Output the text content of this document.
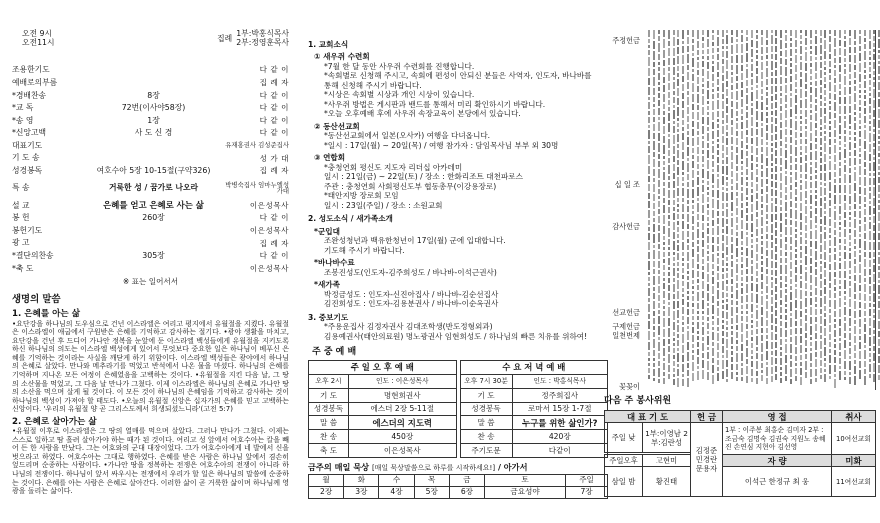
오전 9시
오전11시	집례
1부:박홍식목사
2부:정영훈목사
조용한기도	다 같 이
예배로의부름	집 례 자
*경배찬송	8장	다 같 이
*교 독	72번(이사야58장)	다 같 이
*송 영	1장	다 같 이
*신앙고백	사 도 신 경	다 같 이
대표기도	유재홍권사 김성준집사
기 도 송	성 가 대
성경봉독	여호수아 5장 10-15절(구약326)	집 례 자
특 송	거룩한 성 / 꿈가로 나오라	박병숙집사 임마누엘성가대
설 교	은혜를 얻고 은혜로 사는 삶	이은성목사
봉 헌	260장	다 같 이
봉헌기도	이은성목사
광 고	집 례 자
*결단의찬송	305장	다 같 이
*축 도	이은성목사
※ 표는 일어서서
생명의 말씀
1. 은혜를 아는 삶

•요단강을 하나님의 도우심으로 건넌 이스라엘은 여리고 평지에서 유월절을 지켰다. 유월절은 이스라엘이 애굽에서 구원받은 은혜를 기억하고 감사하는 절기다. •광야 생활을 마치고, 요단강을 건넌 후 드디어 가나안 정복을 눈앞에 둔 이스라엘 백성들에게 유월절을 지키도록 하신 하나님의 의도는 이스라엘 백성에게 있어서 무엇보다 중요한 일은 하나님이 베푸신 은혜를 기억하는 것이라는 사실을 깨닫게 하기 위함이다. 이스라엘 백성들은 광야에서 하나님의 은혜로 살았다. 만나와 메추라기를 먹었고 반석에서 나온 물을 마셨다. 하나님의 은혜를 기억하며 지나온 모든 여정이 은혜였음을 고백하는 것이다. •유월절을 지킨 다음 날, 그 땅의 소산물을 먹었고, 그 다음 날 만나가 그쳤다. 이제 이스라엘은 하나님의 은혜로 가나안 땅의 소산을 먹으며 살게 될 것이다. 이 모든 것이 하나님의 은혜임을 기억하고 감사하는 것이 하나님의 백성이 가져야 할 태도다. •오늘의 유월절 신앙은 십자가의 은혜를 믿고 고백하는 신앙이다. '우리의 유월절 양 곧 그리스도께서 희생되셨느니라'(고전 5:7)

2. 은혜로 살아가는 삶

•유월절 이후로 이스라엘은 그 땅의 열매를 먹으며 살았다. 그러나 만나가 그쳤다. 이제는 스스로 일하고 땀 흘려 살아가야 하는 때가 된 것이다. 여리고 성 앞에서 여호수아는 칼을 빼어 든 한 사람을 만났다. 그는 여호와의 군대 대장이었다. 그가 여호수아에게 네 발에서 신을 벗으라고 하였다. 여호수아는 그대로 행하였다. 은혜를 받은 사람은 하나님 앞에서 겸손히 엎드리며 순종하는 사람이다. •가나안 땅을 정복하는 전쟁은 여호수아의 전쟁이 아니라 하나님의 전쟁이다. 하나님이 앞서 싸우시는 전쟁에서 우리가 할 일은 하나님의 말씀에 순종하는 것이다. 은혜를 아는 사람은 은혜로 살아간다. 이러한 삶이 곧 거룩한 삶이며 하나님께 영광을 돌리는 삶이다.

1. 교회소식
① 새우쥐 수련회
*7월 한 달 동안 사우쥐 수련회를 진행합니다.
*속회별로 신청해 주시고, 속회에 편성이 안되신 분들은 사역자, 인도자, 바나바를
통해 신청해 주시기 바랍니다.
*시상은 속회별 시상과 개인 시상이 있습니다.
*사우쥐 방법은 게시판과 밴드를 통해서 미리 확인하시기 바랍니다.
*오늘 오후예배 후에 사우쥐 속장교육이 본당에서 있습니다.
② 동산선교회
*동산선교회에서 일본(오사카) 여행을 다녀옵니다.
*일시 : 17일(월) ~ 20일(목) / 여행 참가자 : 담임목사님 부부 외 30명
③ 연합회
*충청연회 평신도 지도자 리더십 아카데미
일시 : 21일(금) ~ 22일(토) / 장소 : 한화리조트 대천파로스
주관 : 충청연회 사회평신도부 협동총무(이강용장로)
*태안지방 장로회 모임
일시 : 23일(주일) / 장소 : 소원교회
2. 성도소식 / 새가족소개
*군입대
조완성청년과 백유한청년이 17일(월) 군에 입대합니다.
기도해 주시기 바랍니다.
*바나바수료
조봉진성도(인도자-김주희성도 / 바나바-이석근권사)
*새가족
박정금성도 : 인도자-신진아집사 / 바나바-김순선집사
김진희성도 : 인도자-김용분권사 / 바나바-이순옥권사
3. 중보기도
*주용운집사 김정자권사 김대조학생(반도정형외과)
김용예권사(태안의료원) 명노광권사 임현희성도 / 하나님의 빠른 치유를 위하여!
주 중 예 배
주 일 오 후 예 배	
오후 2시	인도 : 이은성목사
기 도	명현희권사
성경봉독	에스더 2장 5-11절
말 씀	에스더의 지도력
찬 송	450장
축 도	이은성목사
수 요 저 녁 예 배	
오후 7시 30분	인도 : 박홍식목사
기 도	정주희집사
성경봉독	로마서 15장 1-7절
말 씀	누구를 위한 삶인가?
찬 송	420장
주기도문	다같이
금주의 매일 묵상 [매일 묵상말씀으로 하루를 시작하세요!] / 아가서
월	화	수	목	금	토	주일
2장	3장	4장	5장	6장	금요성야	7장
주정헌금
십 일 조
감사헌금
선교헌금
구제헌금 일천번제
꽃꽂이
다음 주 봉사위원
대 표 기 도		헌 금	영 접	취사
주일 낮	1부:이영남 2부:김란성	김정준 민경란 문용자	1부 : 이주봉 최홍순 김미자 2부 : 조금숙 김명숙 김권숙 지원노 송혜진 손연심 지현아 김선영	10여선교회

주일오후	고현미		자 량	미화
삼일 밤	황진태		이석근 한정규 최 웅	11여선교회
